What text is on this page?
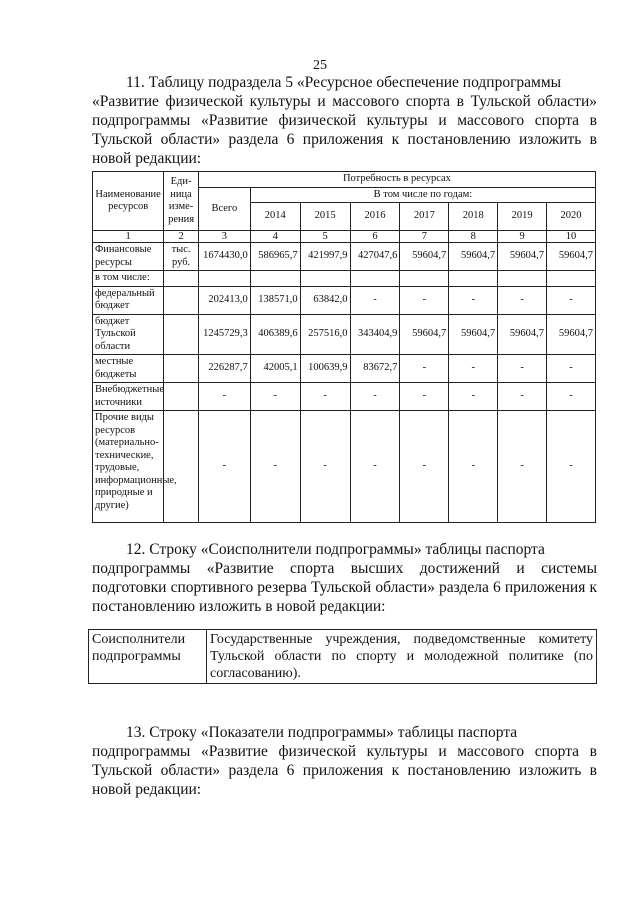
25
11. Таблицу подраздела 5 «Ресурсное обеспечение подпрограммы
«Развитие физической культуры и массового спорта в Тульской области» подпрограммы «Развитие физической культуры и массового спорта в Тульской области» раздела 6 приложения к постановлению изложить в новой редакции:
Наименование ресурсов	Еди-ница изме-рения	Потребность в ресурсах							
		Всего	В том числе по годам:						
			2014	2015	2016	2017	2018	2019	2020
1	2	3	4	5	6	7	8	9	10
Финансовые ресурсы	тыс. руб.	1674430,0	586965,7	421997,9	427047,6	59604,7	59604,7	59604,7	59604,7
в том числе:									
федеральный бюджет		202413,0	138571,0	63842,0	-	-	-	-	-
бюджет Тульской области		1245729,3	406389,6	257516,0	343404,9	59604,7	59604,7	59604,7	59604,7
местные бюджеты		226287,7	42005,1	100639,9	83672,7	-	-	-	-
Внебюджетные источники		-	-	-	-	-	-	-	-
Прочие виды ресурсов (материально-технические, трудовые, информационные, природные и другие)		-	-	-	-	-	-	-	-
12. Строку «Соисполнители подпрограммы» таблицы паспорта
подпрограммы «Развитие спорта высших достижений и системы подготовки спортивного резерва Тульской области» раздела 6 приложения к постановлению изложить в новой редакции:
Соисполнители подпрограммы	Государственные учреждения, подведомственные комитету Тульской области по спорту и молодежной политике (по согласованию).
13. Строку «Показатели подпрограммы» таблицы паспорта
подпрограммы «Развитие физической культуры и массового спорта в Тульской области» раздела 6 приложения к постановлению изложить в новой редакции:
